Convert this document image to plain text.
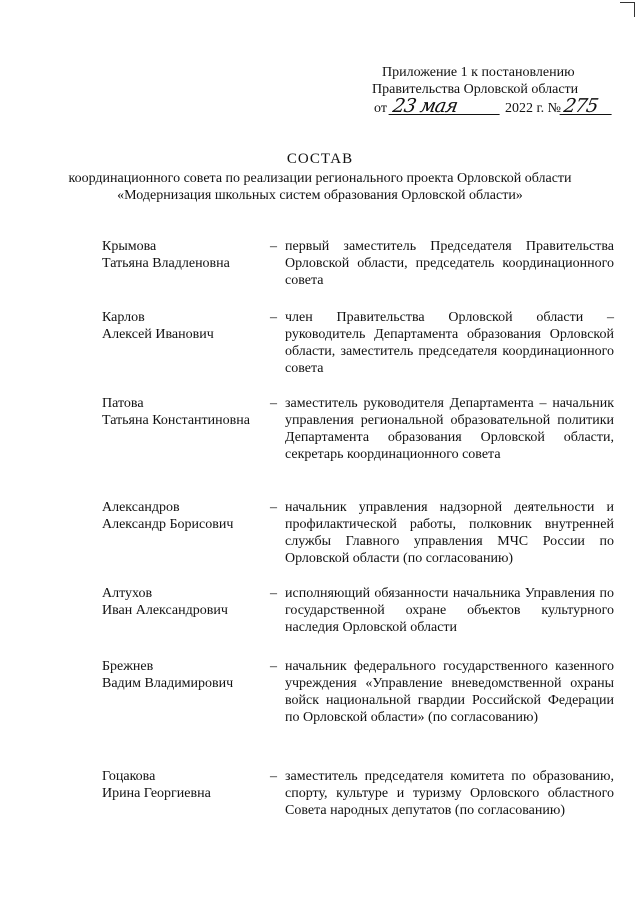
Приложение 1 к постановлению
Правительства Орловской области
от 23 мая	2022 г. №275
СОСТАВ
координационного совета по реализации регионального проекта Орловской области «Модернизация школьных систем образования Орловской области»
Крымова
Татьяна Владленовна
– первый заместитель Председателя Правительства Орловской области, председатель координационного совета
Карлов
Алексей Иванович
– член Правительства Орловской области – руководитель Департамента образования Орловской области, заместитель председателя координационного совета
Патова
Татьяна Константиновна
– заместитель руководителя Департамента – начальник управления региональной образовательной политики Департамента образования Орловской области, секретарь координационного совета
Александров
Александр Борисович
– начальник управления надзорной деятельности и профилактической работы, полковник внутренней службы Главного управления МЧС России по Орловской области (по согласованию)
Алтухов
Иван Александрович
– исполняющий обязанности начальника Управления по государственной охране объектов культурного наследия Орловской области
Брежнев
Вадим Владимирович
– начальник федерального государственного казенного учреждения «Управление вневедомственной охраны войск национальной гвардии Российской Федерации по Орловской области» (по согласованию)
Гоцакова
Ирина Георгиевна
– заместитель председателя комитета по образованию, спорту, культуре и туризму Орловского областного Совета народных депутатов (по согласованию)
